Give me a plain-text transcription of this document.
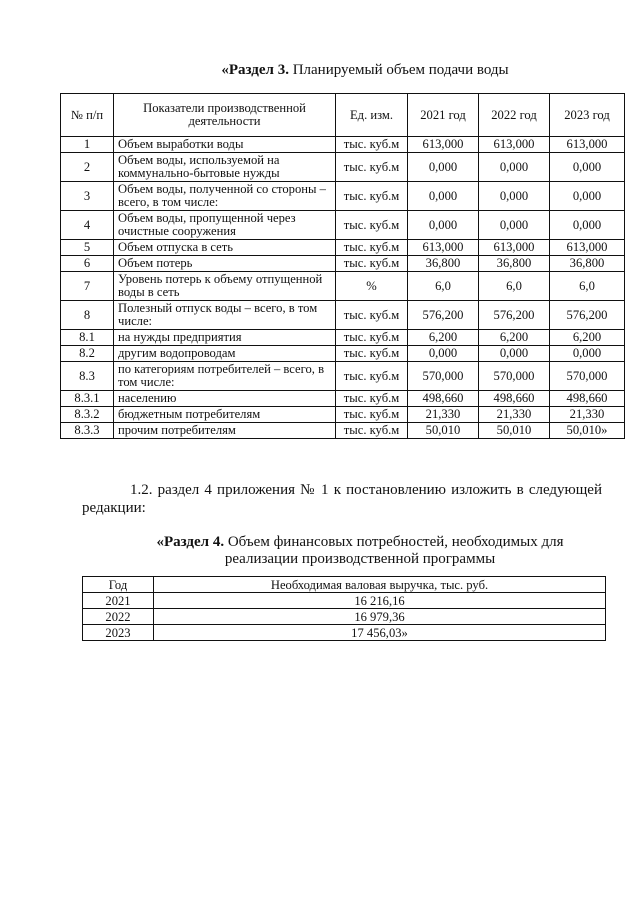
«Раздел 3. Планируемый объем подачи воды
№ п/п	Показатели производственной деятельности	Ед. изм.	2021 год	2022 год	2023 год
1	Объем выработки воды	тыс. куб.м	613,000	613,000	613,000
2	Объем воды, используемой на коммунально-бытовые нужды	тыс. куб.м	0,000	0,000	0,000
3	Объем воды, полученной со стороны – всего, в том числе:	тыс. куб.м	0,000	0,000	0,000
4	Объем воды, пропущенной через очистные сооружения	тыс. куб.м	0,000	0,000	0,000
5	Объем отпуска в сеть	тыс. куб.м	613,000	613,000	613,000
6	Объем потерь	тыс. куб.м	36,800	36,800	36,800
7	Уровень потерь к объему отпущенной воды в сеть	%	6,0	6,0	6,0
8	Полезный отпуск воды – всего, в том числе:	тыс. куб.м	576,200	576,200	576,200
8.1	на нужды предприятия	тыс. куб.м	6,200	6,200	6,200
8.2	другим водопроводам	тыс. куб.м	0,000	0,000	0,000
8.3	по категориям потребителей – всего, в том числе:	тыс. куб.м	570,000	570,000	570,000
8.3.1	населению	тыс. куб.м	498,660	498,660	498,660
8.3.2	бюджетным потребителям	тыс. куб.м	21,330	21,330	21,330
8.3.3	прочим потребителям	тыс. куб.м	50,010	50,010	50,010»
1.2. раздел 4 приложения № 1 к постановлению изложить в следующей редакции:
«Раздел 4. Объем финансовых потребностей, необходимых для реализации производственной программы
Год	Необходимая валовая выручка, тыс. руб.
2021	16 216,16
2022	16 979,36
2023	17 456,03»
